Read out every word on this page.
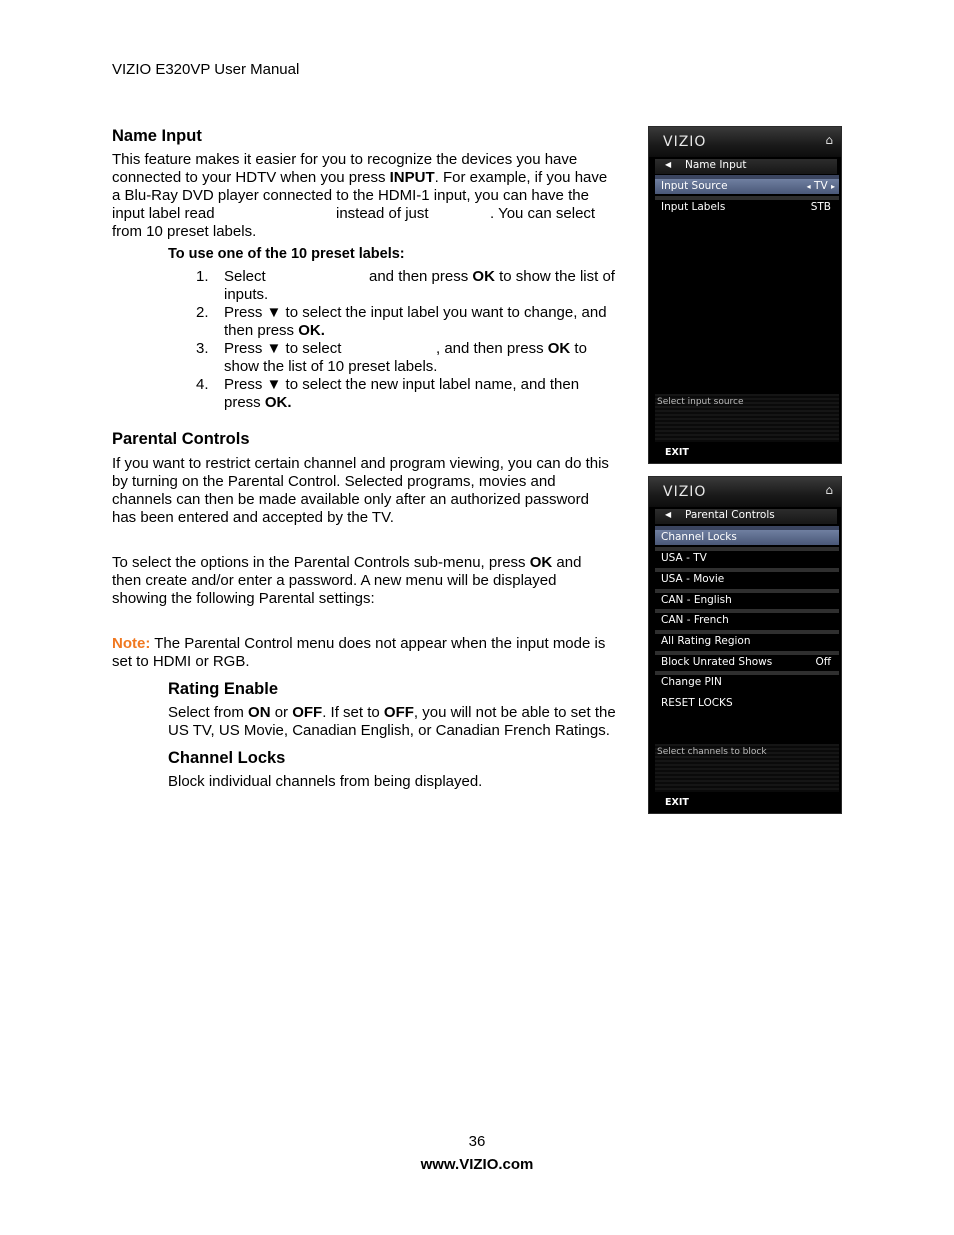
VIZIO E320VP User Manual
Name Input
This feature makes it easier for you to recognize the devices you have
connected to your HDTV when you press INPUT. For example, if you have
a Blu-Ray DVD player connected to the HDMI-1 input, you can have the
input label read	instead of just	. You can select
from 10 preset labels.
To use one of the 10 preset labels:
1. Select	and then press OK to show the list of
inputs.
2. Press ▼ to select the input label you want to change, and
then press OK.
3. Press ▼ to select	, and then press OK to
show the list of 10 preset labels.
4. Press ▼ to select the new input label name, and then
press OK.
Parental Controls
If you want to restrict certain channel and program viewing, you can do this
by turning on the Parental Control. Selected programs, movies and
channels can then be made available only after an authorized password
has been entered and accepted by the TV.
To select the options in the Parental Controls sub-menu, press OK and
then create and/or enter a password. A new menu will be displayed
showing the following Parental settings:
Note: The Parental Control menu does not appear when the input mode is
set to HDMI or RGB.
Rating Enable
Select from ON or OFF. If set to OFF, you will not be able to set the
US TV, US Movie, Canadian English, or Canadian French Ratings.
Channel Locks
Block individual channels from being displayed.
VIZIO	⌂
◀ Name Input
Input Source	◂ TV ▸
Input Labels	STB
Select input source
EXIT
VIZIO	⌂
◀ Parental Controls
Channel Locks
USA - TV
USA - Movie
CAN - English
CAN - French
All Rating Region
Block Unrated Shows	Off
Change PIN
RESET LOCKS
Select channels to block
EXIT
36
www.VIZIO.com
